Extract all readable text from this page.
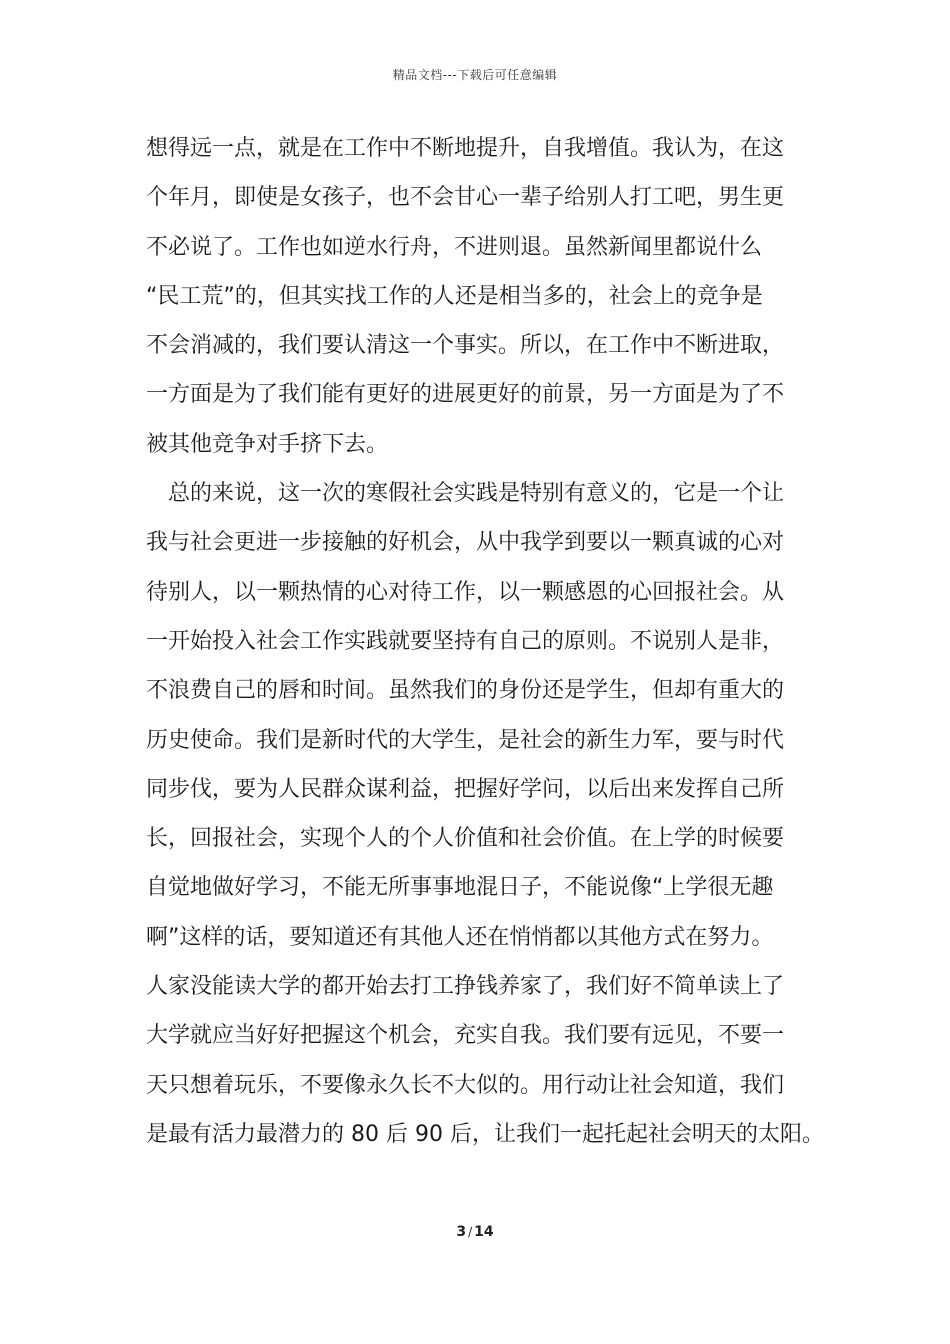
精品文档---下载后可任意编辑
想得远一点，就是在工作中不断地提升，自我增值。我认为，在这
个年月，即使是女孩子，也不会甘心一辈子给别人打工吧，男生更
不必说了。工作也如逆水行舟，不进则退。虽然新闻里都说什么
“民工荒”的，但其实找工作的人还是相当多的，社会上的竞争是
不会消减的，我们要认清这一个事实。所以，在工作中不断进取，
一方面是为了我们能有更好的进展更好的前景，另一方面是为了不
被其他竞争对手挤下去。
　总的来说，这一次的寒假社会实践是特别有意义的，它是一个让
我与社会更进一步接触的好机会，从中我学到要以一颗真诚的心对
待别人，以一颗热情的心对待工作，以一颗感恩的心回报社会。从
一开始投入社会工作实践就要坚持有自己的原则。不说别人是非，
不浪费自己的唇和时间。虽然我们的身份还是学生，但却有重大的
历史使命。我们是新时代的大学生，是社会的新生力军，要与时代
同步伐，要为人民群众谋利益，把握好学问，以后出来发挥自己所
长，回报社会，实现个人的个人价值和社会价值。在上学的时候要
自觉地做好学习，不能无所事事地混日子，不能说像“上学很无趣
啊”这样的话，要知道还有其他人还在悄悄都以其他方式在努力。
人家没能读大学的都开始去打工挣钱养家了，我们好不简单读上了
大学就应当好好把握这个机会，充实自我。我们要有远见，不要一
天只想着玩乐，不要像永久长不大似的。用行动让社会知道，我们
是最有活力最潜力的 80 后 90 后，让我们一起托起社会明天的太阳。
3 / 14
